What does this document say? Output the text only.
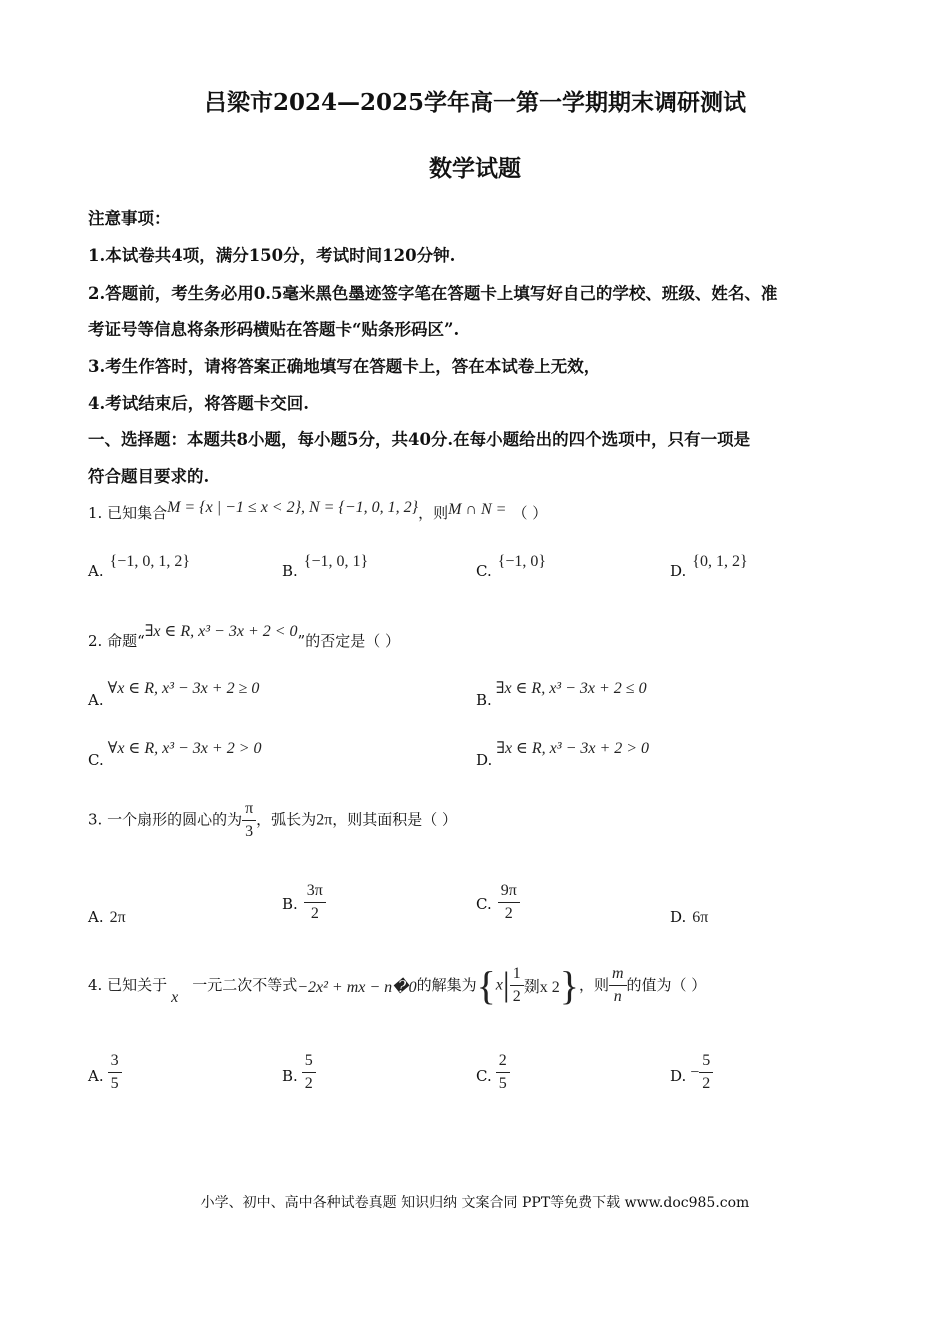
吕梁市2024—2025学年高一第一学期期末调研测试
数学试题
注意事项：
1.本试卷共4项，满分150分，考试时间120分钟.
2.答题前，考生务必用0.5毫米黑色墨迹签字笔在答题卡上填写好自己的学校、班级、姓名、准
考证号等信息将条形码横贴在答题卡“贴条形码区”.
3.考生作答时，请将答案正确地填写在答题卡上，答在本试卷上无效，
4.考试结束后，将答题卡交回.
一、选择题：本题共8小题，每小题5分，共40分.在每小题给出的四个选项中，只有一项是
符合题目要求的.
1. 已知集合M = {x | −1 ≤ x < 2}, N = {−1, 0, 1, 2}，则M ∩ N = （ ）
A.{−1, 0, 1, 2}
B.{−1, 0, 1}
C.{−1, 0}
D.{0, 1, 2}
2. 命题“∃x ∈ R, x³ − 3x + 2 < 0”的否定是（ ）
A.∀x ∈ R, x³ − 3x + 2 ≥ 0
B.∃x ∈ R, x³ − 3x + 2 ≤ 0
C.∀x ∈ R, x³ − 3x + 2 > 0
D.∃x ∈ R, x³ − 3x + 2 > 0
3. 一个扇形的圆心的为 $\frac{\pi}{3}$ ，弧长为2π，则其面积是（ ）
A. 2π
B. $\frac{3\pi}{2}$	C. $\frac{9\pi}{2}$	D. 6π
4. 已知关于x一元二次不等式−2x² + mx − n�0的解集为{$x| \frac{1}{2}$ 剟x 2}，则 $\frac{m}{n}$ 的值为（ ）
A. $\frac{3}{5}$	B. $\frac{5}{2}$	C. $\frac{2}{5}$	D. − $\frac{5}{2}$
小学、初中、高中各种试卷真题 知识归纳 文案合同 PPT等免费下载 www.doc985.com
